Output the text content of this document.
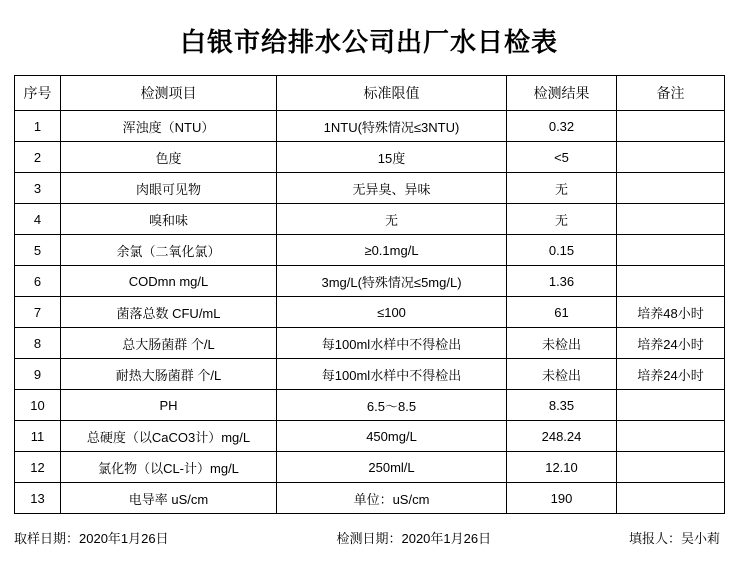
白银市给排水公司出厂水日检表
序号	检测项目	标准限值	检测结果	备注
1	浑浊度（NTU）	1NTU(特殊情况≤3NTU)	0.32	
2	色度	15度	<5	
3	肉眼可见物	无异臭、异味	无	
4	嗅和味	无	无	
5	余氯（二氧化氯）	≥0.1mg/L	0.15	
6	CODmn mg/L	3mg/L(特殊情况≤5mg/L)	1.36	
7	菌落总数 CFU/mL	≤100	61	培养48小时
8	总大肠菌群 个/L	每100ml水样中不得检出	未检出	培养24小时
9	耐热大肠菌群 个/L	每100ml水样中不得检出	未检出	培养24小时
10	PH	6.5～8.5	8.35	
11	总硬度（以CaCO3计）mg/L	450mg/L	248.24	
12	氯化物（以CL-计）mg/L	250ml/L	12.10	
13	电导率 uS/cm	单位：uS/cm	190	
取样日期：2020年1月26日	检测日期：2020年1月26日	填报人：吴小莉
